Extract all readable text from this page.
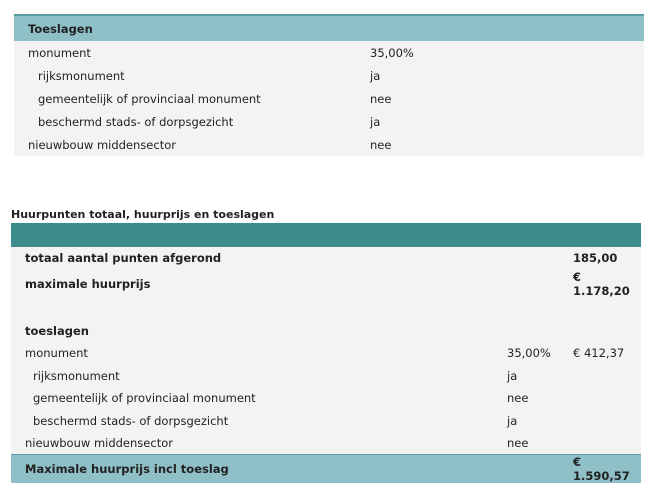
Toeslagen	
monument	35,00%
rijksmonument	ja
gemeentelijk of provinciaal monument	nee
beschermd stads- of dorpsgezicht	ja
nieuwbouw middensector	nee
Huurpunten totaal, huurprijs en toeslagen

totaal aantal punten afgerond		185,00
maximale huurprijs		€ 1.178,20

toeslagen		
monument	35,00%	€ 412,37
rijksmonument	ja	
gemeentelijk of provinciaal monument	nee	
beschermd stads- of dorpsgezicht	ja	
nieuwbouw middensector	nee	
Maximale huurprijs incl toeslag		€ 1.590,57
